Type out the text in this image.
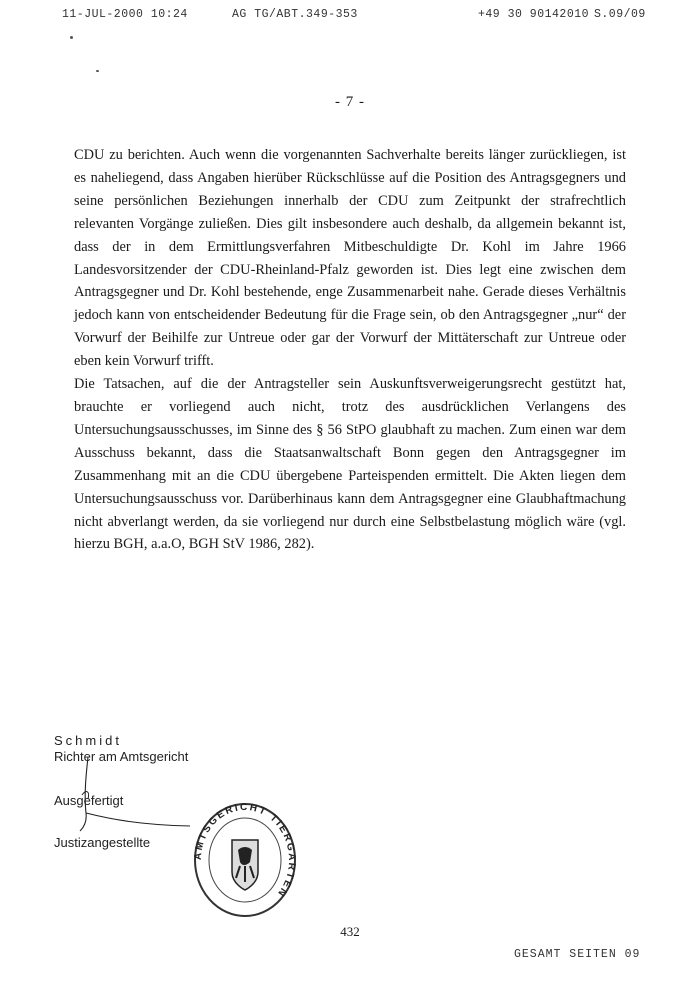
11-JUL-2000 10:24	AG TG/ABT.349-353	+49 30 90142010 S.09/09
- 7 -

CDU zu berichten. Auch wenn die vorgenannten Sachverhalte bereits länger zurückliegen, ist es naheliegend, dass Angaben hierüber Rückschlüsse auf die Position des Antragsgegners und seine persönlichen Beziehungen innerhalb der CDU zum Zeitpunkt der strafrechtlich relevanten Vorgänge zuließen. Dies gilt insbesondere auch deshalb, da allgemein bekannt ist, dass der in dem Ermittlungsverfahren Mitbeschuldigte Dr. Kohl im Jahre 1966 Landesvorsitzender der CDU-Rheinland-Pfalz geworden ist. Dies legt eine zwischen dem Antragsgegner und Dr. Kohl bestehende, enge Zusammenarbeit nahe. Gerade dieses Verhältnis jedoch kann von entscheidender Bedeutung für die Frage sein, ob den Antragsgegner „nur“ der Vorwurf der Beihilfe zur Untreue oder gar der Vorwurf der Mittäterschaft zur Untreue oder eben kein Vorwurf trifft.

Die Tatsachen, auf die der Antragsteller sein Auskunftsverweigerungsrecht gestützt hat, brauchte er vorliegend auch nicht, trotz des ausdrücklichen Verlangens des Untersuchungsausschusses, im Sinne des § 56 StPO glaubhaft zu machen. Zum einen war dem Ausschuss bekannt, dass die Staatsanwaltschaft Bonn gegen den Antragsgegner im Zusammenhang mit an die CDU übergebene Parteispenden ermittelt. Die Akten liegen dem Untersuchungsausschuss vor. Darüberhinaus kann dem Antragsgegner eine Glaubhaftmachung nicht abverlangt werden, da sie vorliegend nur durch eine Selbstbelastung möglich wäre (vgl. hierzu BGH, a.a.O, BGH StV 1986, 282).

Schmidt
Richter am Amtsgericht
Ausgefertigt
Justizangestellte
AMTSGERICHT TIERGARTEN
432
GESAMT SEITEN 09
